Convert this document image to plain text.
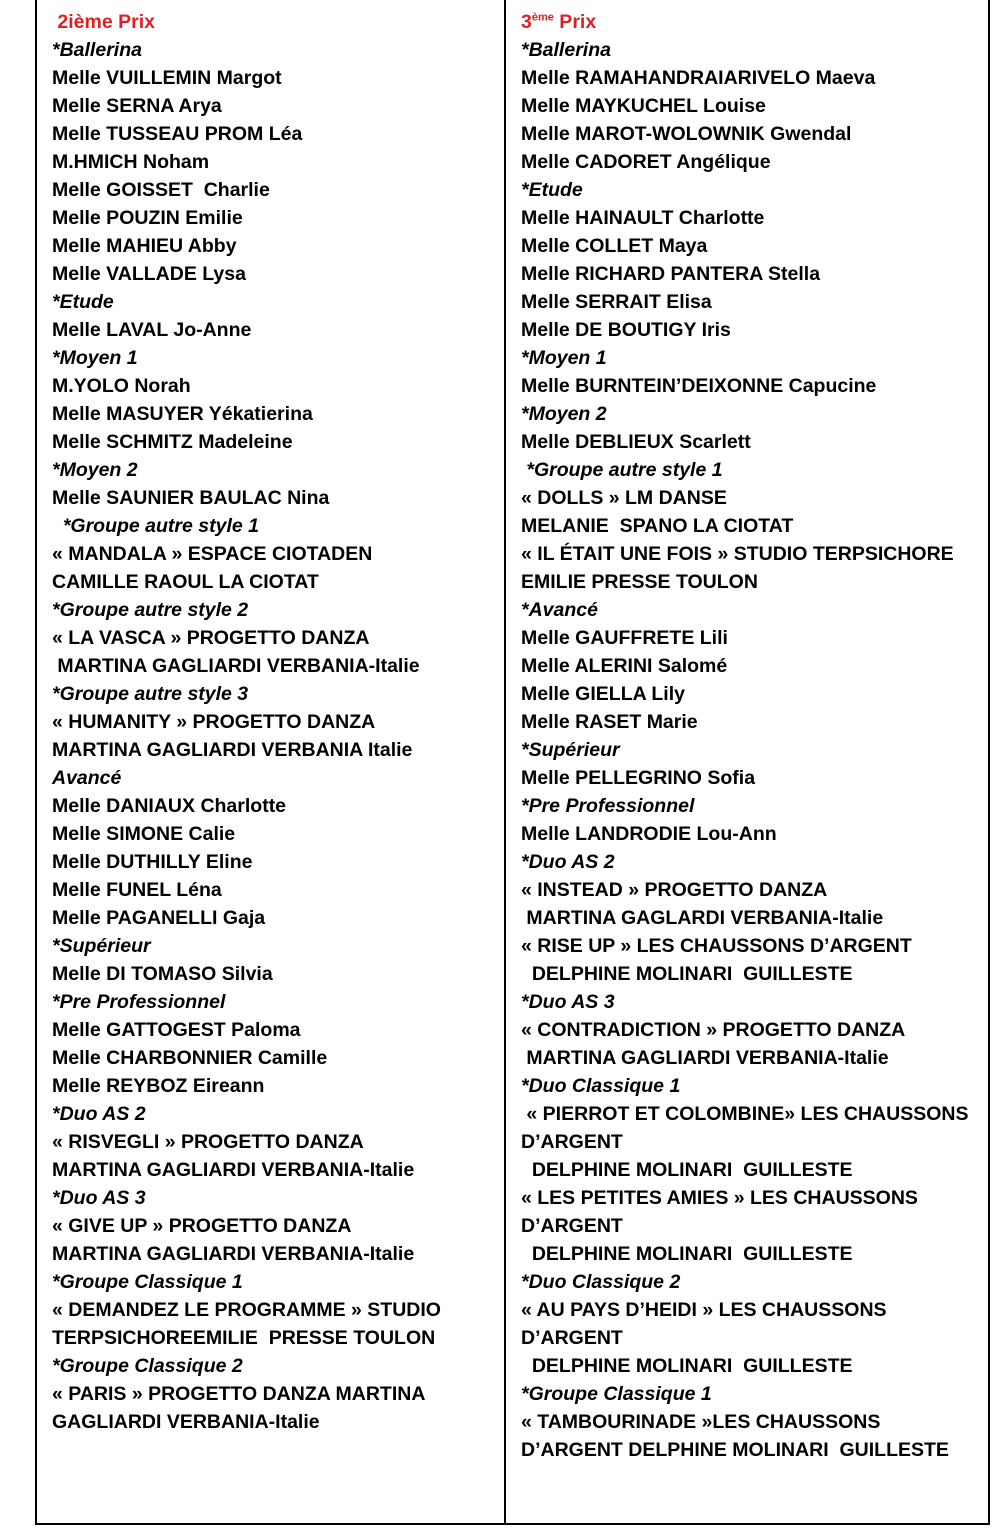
2ième Prix

*Ballerina

Melle VUILLEMIN Margot

Melle SERNA Arya

Melle TUSSEAU PROM Léa

M.HMICH Noham

Melle GOISSET  Charlie

Melle POUZIN Emilie

Melle MAHIEU Abby

Melle VALLADE Lysa

*Etude

Melle LAVAL Jo-Anne

*Moyen 1

M.YOLO Norah

Melle MASUYER Yékatierina

Melle SCHMITZ Madeleine

*Moyen 2

Melle SAUNIER BAULAC Nina

*Groupe autre style 1

« MANDALA » ESPACE CIOTADEN

CAMILLE RAOUL LA CIOTAT

*Groupe autre style 2

« LA VASCA » PROGETTO DANZA

MARTINA GAGLIARDI VERBANIA-Italie

*Groupe autre style 3

« HUMANITY » PROGETTO DANZA

MARTINA GAGLIARDI VERBANIA Italie

Avancé

Melle DANIAUX Charlotte

Melle SIMONE Calie

Melle DUTHILLY Eline

Melle FUNEL Léna

Melle PAGANELLI Gaja

*Supérieur

Melle DI TOMASO Silvia

*Pre Professionnel

Melle GATTOGEST Paloma

Melle CHARBONNIER Camille

Melle REYBOZ Eireann

*Duo AS 2

« RISVEGLI » PROGETTO DANZA

MARTINA GAGLIARDI VERBANIA-Italie

*Duo AS 3

« GIVE UP » PROGETTO DANZA

MARTINA GAGLIARDI VERBANIA-Italie

*Groupe Classique 1

« DEMANDEZ LE PROGRAMME » STUDIO

TERPSICHOREEMILIE  PRESSE TOULON

*Groupe Classique 2

« PARIS » PROGETTO DANZA MARTINA

GAGLIARDI VERBANIA-Italie

3ème Prix

*Ballerina

Melle RAMAHANDRAIARIVELO Maeva

Melle MAYKUCHEL Louise

Melle MAROT-WOLOWNIK Gwendal

Melle CADORET Angélique

*Etude

Melle HAINAULT Charlotte

Melle COLLET Maya

Melle RICHARD PANTERA Stella

Melle SERRAIT Elisa

Melle DE BOUTIGY Iris

*Moyen 1

Melle BURNTEIN’DEIXONNE Capucine

*Moyen 2

Melle DEBLIEUX Scarlett

*Groupe autre style 1

« DOLLS » LM DANSE

MELANIE  SPANO LA CIOTAT

« IL ÉTAIT UNE FOIS » STUDIO TERPSICHORE

EMILIE PRESSE TOULON

*Avancé

Melle GAUFFRETE Lili

Melle ALERINI Salomé

Melle GIELLA Lily

Melle RASET Marie

*Supérieur

Melle PELLEGRINO Sofia

*Pre Professionnel

Melle LANDRODIE Lou-Ann

*Duo AS 2

« INSTEAD » PROGETTO DANZA

MARTINA GAGLARDI VERBANIA-Italie

« RISE UP » LES CHAUSSONS D’ARGENT

DELPHINE MOLINARI  GUILLESTE

*Duo AS 3

« CONTRADICTION » PROGETTO DANZA

MARTINA GAGLIARDI VERBANIA-Italie

*Duo Classique 1

« PIERROT ET COLOMBINE» LES CHAUSSONS

D’ARGENT

DELPHINE MOLINARI  GUILLESTE

« LES PETITES AMIES » LES CHAUSSONS

D’ARGENT

DELPHINE MOLINARI  GUILLESTE

*Duo Classique 2

« AU PAYS D’HEIDI » LES CHAUSSONS

D’ARGENT

DELPHINE MOLINARI  GUILLESTE

*Groupe Classique 1

« TAMBOURINADE »LES CHAUSSONS

D’ARGENT DELPHINE MOLINARI  GUILLESTE
